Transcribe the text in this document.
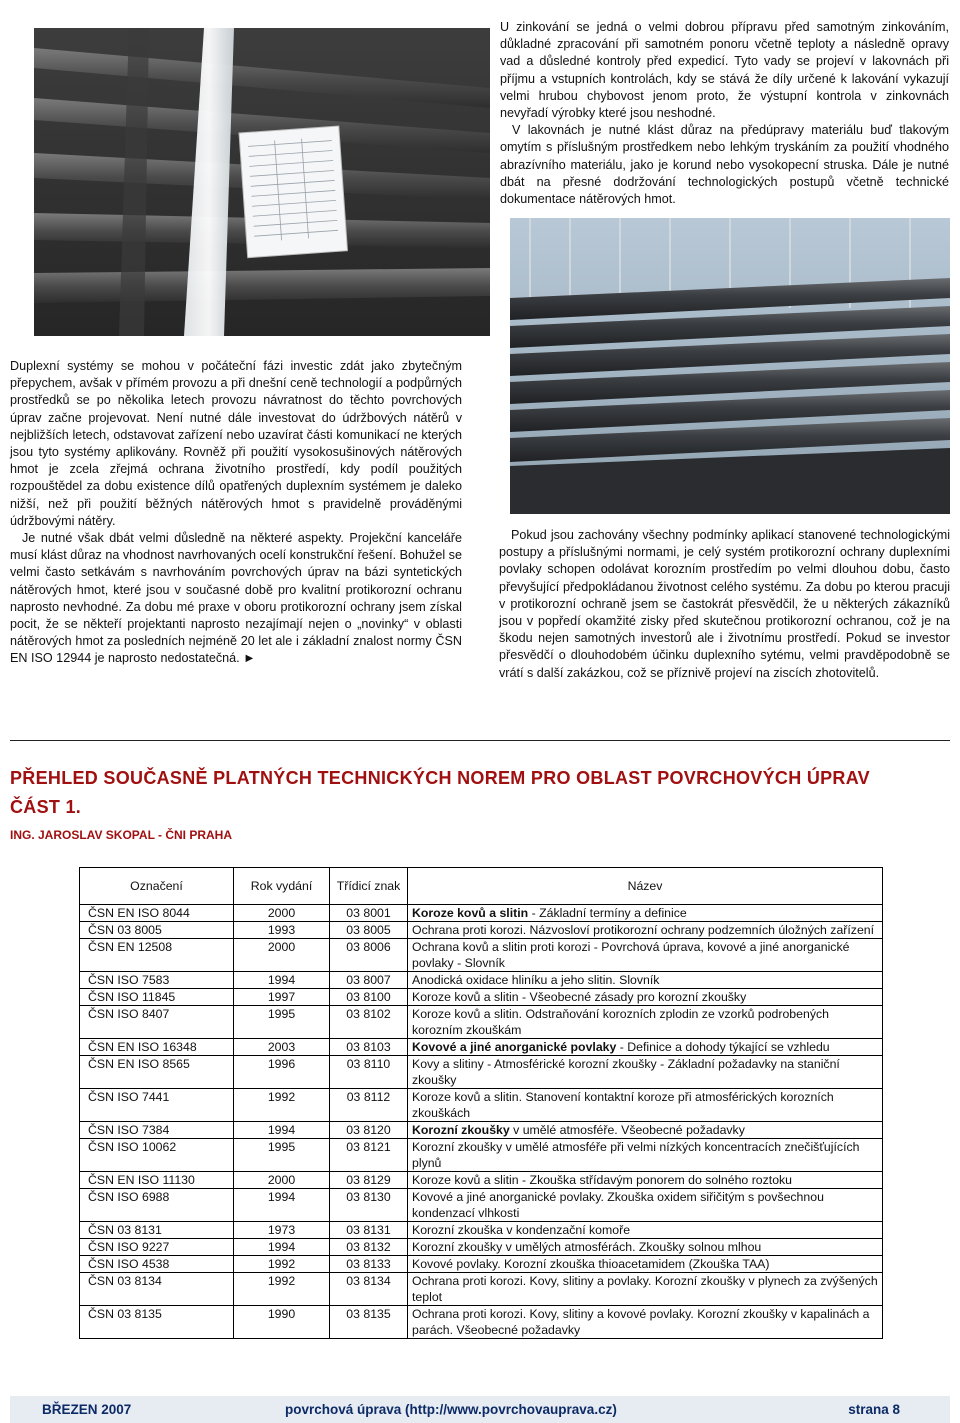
U zinkování se jedná o velmi dobrou přípravu před samotným zinkováním, důkladné zpracování při samotném ponoru včetně teploty a následně opravy vad a důsledné kontroly před expedicí. Tyto vady se projeví v lakovnách při příjmu a vstupních kontrolách, kdy se stává že díly určené k lakování vykazují velmi hrubou chybovost jenom proto, že výstupní kontrola v zinkovnách nevyřadí výrobky které jsou neshodné.

V lakovnách je nutné klást důraz na předúpravy materiálu buď tlakovým omytím s příslušným prostředkem nebo lehkým tryskáním za použití vhodného abrazívního materiálu, jako je korund nebo vysokopecní struska. Dále je nutné dbát na přesné dodržování technologických postupů včetně technické dokumentace nátěrových hmot.

Duplexní systémy se mohou v počáteční fázi investic zdát jako zbytečným přepychem, avšak v přímém provozu a při dnešní ceně technologií a podpůrných prostředků se po několika letech provozu návratnost do těchto povrchových úprav začne projevovat. Není nutné dále investovat do údržbových nátěrů v nejbližších letech, odstavovat zařízení nebo uzavírat části komunikací ne kterých jsou tyto systémy aplikovány. Rovněž při použití vysokosušinových nátěrových hmot je zcela zřejmá ochrana životního prostředí, kdy podíl použitých rozpouštědel za dobu existence dílů opatřených duplexním systémem je daleko nižší, než při použití běžných nátěrových hmot s pravidelně prováděnými údržbovými nátěry.

Je nutné však dbát velmi důsledně na některé aspekty. Projekční kanceláře musí klást důraz na vhodnost navrhovaných ocelí konstrukční řešení. Bohužel se velmi často setkávám s navrhováním povrchových úprav na bázi syntetických nátěrových hmot, které jsou v současné době pro kvalitní protikorozní ochranu naprosto nevhodné. Za dobu mé praxe v oboru protikorozní ochrany jsem získal pocit, že se někteří projektanti naprosto nezajímají nejen o „novinky“ v oblasti nátěrových hmot za posledních nejméně 20 let ale i základní znalost normy ČSN EN ISO 12944 je naprosto nedostatečná. ►

Pokud jsou zachovány všechny podmínky aplikací stanovené technologickými postupy a příslušnými normami, je celý systém protikorozní ochrany duplexními povlaky schopen odolávat korozním prostředím po velmi dlouhou dobu, často převyšující předpokládanou životnost celého systému. Za dobu po kterou pracuji v protikorozní ochraně jsem se častokrát přesvědčil, že u některých zákazníků jsou v popředí okamžité zisky před skutečnou protikorozní ochranou, což je na škodu nejen samotných investorů ale i životnímu prostředí. Pokud se investor přesvědčí o dlouhodobém účinku duplexního sytému, velmi pravděpodobně se vrátí s další zakázkou, což se příznivě projeví na ziscích zhotovitelů.

PŘEHLED SOUČASNĚ PLATNÝCH TECHNICKÝCH NOREM PRO OBLAST POVRCHOVÝCH ÚPRAV
ČÁST 1.
ING. JAROSLAV SKOPAL - ČNI PRAHA
Označení	Rok vydání	Třídicí znak	Název
ČSN EN ISO 8044	2000	03 8001	Koroze kovů a slitin - Základní termíny a definice
ČSN 03 8005	1993	03 8005	Ochrana proti korozi. Názvosloví protikorozní ochrany podzemních úložných zařízení
ČSN EN 12508	2000	03 8006	Ochrana kovů a slitin proti korozi - Povrchová úprava, kovové a jiné anorganické povlaky - Slovník
ČSN ISO 7583	1994	03 8007	Anodická oxidace hliníku a jeho slitin. Slovník
ČSN ISO 11845	1997	03 8100	Koroze kovů a slitin - Všeobecné zásady pro korozní zkoušky
ČSN ISO 8407	1995	03 8102	Koroze kovů a slitin. Odstraňování korozních zplodin ze vzorků podrobených korozním zkouškám
ČSN EN ISO 16348	2003	03 8103	Kovové a jiné anorganické povlaky - Definice a dohody týkající se vzhledu
ČSN EN ISO 8565	1996	03 8110	Kovy a slitiny - Atmosférické korozní zkoušky - Základní požadavky na staniční zkoušky
ČSN ISO 7441	1992	03 8112	Koroze kovů a slitin. Stanovení kontaktní koroze při atmosférických korozních zkouškách
ČSN ISO 7384	1994	03 8120	Korozní zkoušky v umělé atmosféře. Všeobecné požadavky
ČSN ISO 10062	1995	03 8121	Korozní zkoušky v umělé atmosféře při velmi nízkých koncentracích znečišťujících plynů
ČSN EN ISO 11130	2000	03 8129	Koroze kovů a slitin - Zkouška střídavým ponorem do solného roztoku
ČSN ISO 6988	1994	03 8130	Kovové a jiné anorganické povlaky. Zkouška oxidem siřičitým s povšechnou kondenzací vlhkosti
ČSN 03 8131	1973	03 8131	Korozní zkouška v kondenzační komoře
ČSN ISO 9227	1994	03 8132	Korozní zkoušky v umělých atmosférách. Zkoušky solnou mlhou
ČSN ISO 4538	1992	03 8133	Kovové povlaky. Korozní zkouška thioacetamidem (Zkouška TAA)
ČSN 03 8134	1992	03 8134	Ochrana proti korozi. Kovy, slitiny a povlaky. Korozní zkoušky v plynech za zvýšených teplot
ČSN 03 8135	1990	03 8135	Ochrana proti korozi. Kovy, slitiny a kovové povlaky. Korozní zkoušky v kapalinách a parách. Všeobecné požadavky
BŘEZEN 2007	povrchová úprava (http://www.povrchovauprava.cz)	strana 8
